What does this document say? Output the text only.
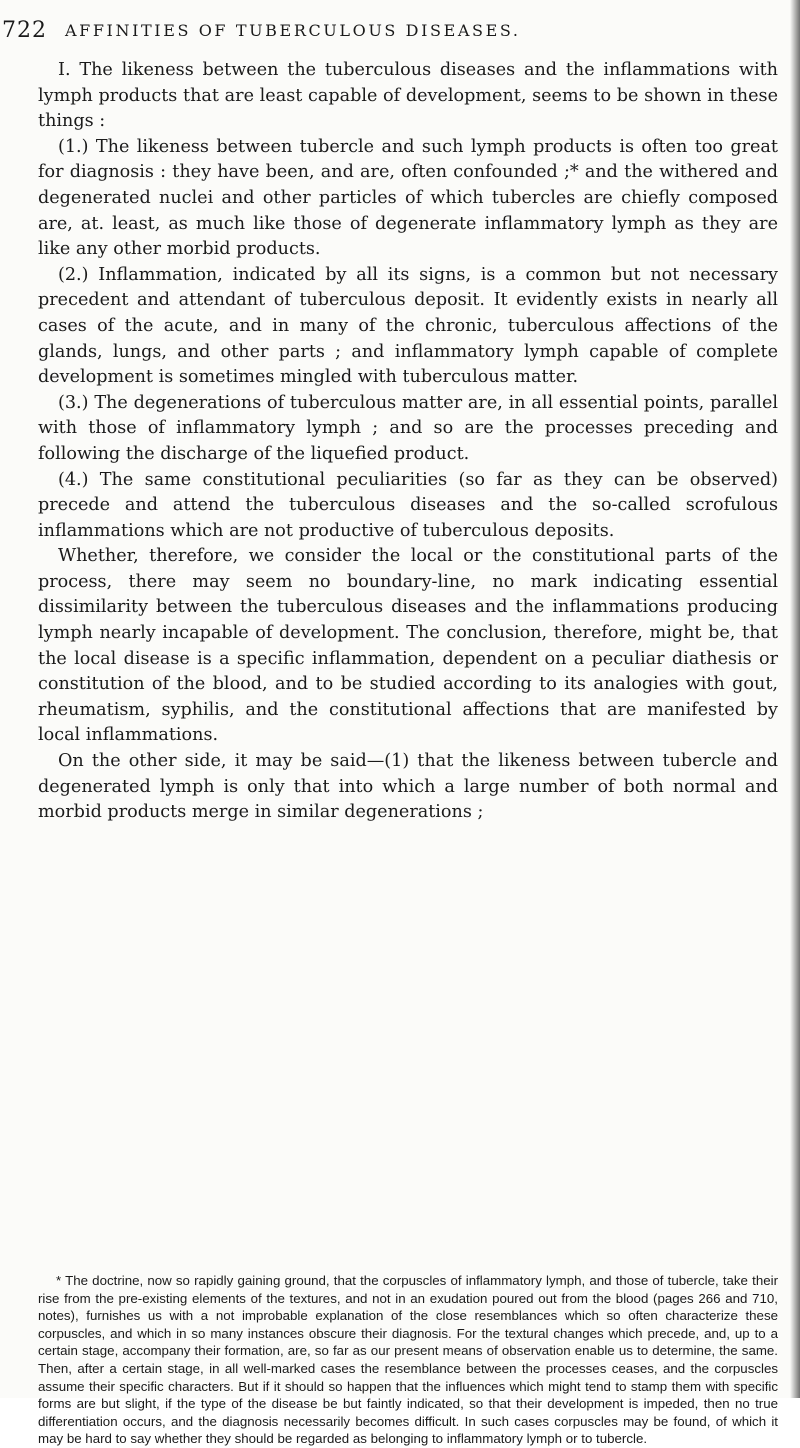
722 AFFINITIES OF TUBERCULOUS DISEASES.

I. The likeness between the tuberculous diseases and the inflammations with lymph products that are least capable of development, seems to be shown in these things :

(1.) The likeness between tubercle and such lymph products is often too great for diagnosis : they have been, and are, often confounded ;* and the withered and degenerated nuclei and other particles of which tubercles are chiefly composed are, at. least, as much like those of degenerate inflammatory lymph as they are like any other morbid products.

(2.) Inflammation, indicated by all its signs, is a common but not necessary precedent and attendant of tuberculous deposit. It evidently exists in nearly all cases of the acute, and in many of the chronic, tuberculous affections of the glands, lungs, and other parts ; and inflammatory lymph capable of complete development is sometimes mingled with tuberculous matter.

(3.) The degenerations of tuberculous matter are, in all essential points, parallel with those of inflammatory lymph ; and so are the processes preceding and following the discharge of the liquefied product.

(4.) The same constitutional peculiarities (so far as they can be observed) precede and attend the tuberculous diseases and the so-called scrofulous inflammations which are not productive of tuberculous deposits.

Whether, therefore, we consider the local or the constitutional parts of the process, there may seem no boundary-line, no mark indicating essential dissimilarity between the tuberculous diseases and the inflammations producing lymph nearly incapable of development. The conclusion, therefore, might be, that the local disease is a specific inflammation, dependent on a peculiar diathesis or constitution of the blood, and to be studied according to its analogies with gout, rheumatism, syphilis, and the constitutional affections that are manifested by local inflammations.

On the other side, it may be said—(1) that the likeness between tubercle and degenerated lymph is only that into which a large number of both normal and morbid products merge in similar degenerations ;

* The doctrine, now so rapidly gaining ground, that the corpuscles of inflammatory lymph, and those of tubercle, take their rise from the pre-existing elements of the textures, and not in an exudation poured out from the blood (pages 266 and 710, notes), furnishes us with a not improbable explanation of the close resemblances which so often characterize these corpuscles, and which in so many instances obscure their diagnosis. For the textural changes which precede, and, up to a certain stage, accompany their formation, are, so far as our present means of observation enable us to determine, the same. Then, after a certain stage, in all well-marked cases the resemblance between the processes ceases, and the corpuscles assume their specific characters. But if it should so happen that the influences which might tend to stamp them with specific forms are but slight, if the type of the disease be but faintly indicated, so that their development is impeded, then no true differentiation occurs, and the diagnosis necessarily becomes difficult. In such cases corpuscles may be found, of which it may be hard to say whether they should be regarded as belonging to inflammatory lymph or to tubercle.
